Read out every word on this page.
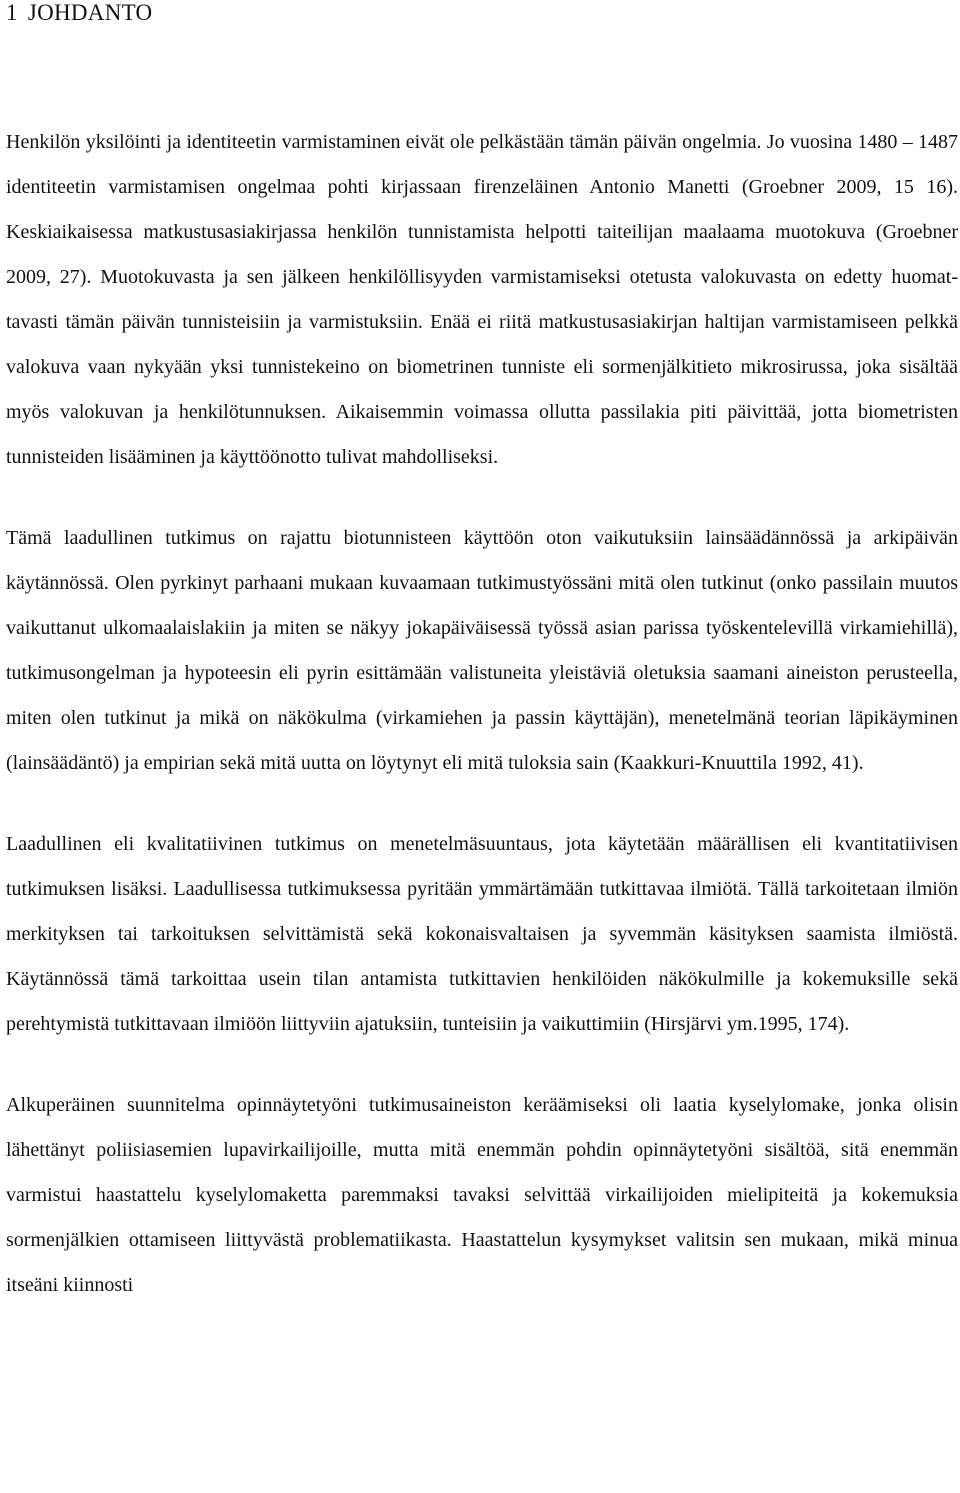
1 JOHDANTO

Henkilön yksilöinti ja identiteetin varmistaminen eivät ole pelkästään tämän päivän ongelmia. Jo vuosina 1480 – 1487 identiteetin varmistamisen ongelmaa pohti kirjassaan firenzeläinen Antonio Manetti (Groebner 2009, 15 16). Keskiaikaisessa matkustusasiakirjassa henkilön tunnistamista helpotti taiteilijan maalaama muotokuva (Groebner 2009, 27). Muotokuvasta ja sen jälkeen henkilöllisyyden varmistamiseksi otetusta valokuvasta on edetty huomattavasti tämän päivän tunnisteisiin ja varmistuksiin. Enää ei riitä matkustusasiakirjan haltijan varmistamiseen pelkkä valokuva vaan nykyään yksi tunnistekeino on biometrinen tunniste eli sormenjälkitieto mikrosirussa, joka sisältää myös valokuvan ja henkilötunnuksen. Aikaisemmin voimassa ollutta passilakia piti päivittää, jotta biometristen tunnisteiden lisääminen ja käyttöönotto tulivat mahdolliseksi.

Tämä laadullinen tutkimus on rajattu biotunnisteen käyttöön oton vaikutuksiin lainsäädännössä ja arkipäivän käytännössä. Olen pyrkinyt parhaani mukaan kuvaamaan tutkimustyössäni mitä olen tutkinut (onko passilain muutos vaikuttanut ulkomaalaislakiin ja miten se näkyy jokapäiväisessä työssä asian parissa työskentelevillä virkamiehillä), tutkimusongelman ja hypoteesin eli pyrin esittämään valistuneita yleistäviä oletuksia saamani aineiston perusteella, miten olen tutkinut ja mikä on näkökulma (virkamiehen ja passin käyttäjän), menetelmänä teorian läpikäyminen (lainsäädäntö) ja empirian sekä mitä uutta on löytynyt eli mitä tuloksia sain (Kaakkuri-Knuuttila 1992, 41).

Laadullinen eli kvalitatiivinen tutkimus on menetelmäsuuntaus, jota käytetään määrällisen eli kvantitatiivisen tutkimuksen lisäksi. Laadullisessa tutkimuksessa pyritään ymmärtämään tutkittavaa ilmiötä. Tällä tarkoitetaan ilmiön merkityksen tai tarkoituksen selvittämistä sekä kokonaisvaltaisen ja syvemmän käsityksen saamista ilmiöstä. Käytännössä tämä tarkoittaa usein tilan antamista tutkittavien henkilöiden näkökulmille ja kokemuksille sekä perehtymistä tutkittavaan ilmiöön liittyviin ajatuksiin, tunteisiin ja vaikuttimiin (Hirsjärvi ym.1995, 174).

Alkuperäinen suunnitelma opinnäytetyöni tutkimusaineiston keräämiseksi oli laatia kyselylomake, jonka olisin lähettänyt poliisiasemien lupavirkailijoille, mutta mitä enemmän pohdin opinnäytetyöni sisältöä, sitä enemmän varmistui haastattelu kyselylomaketta paremmaksi tavaksi selvittää virkailijoiden mielipiteitä ja kokemuksia sormenjälkien ottamiseen liittyvästä problematiikasta. Haastattelun kysymykset valitsin sen mukaan, mikä minua itseäni kiinnosti
